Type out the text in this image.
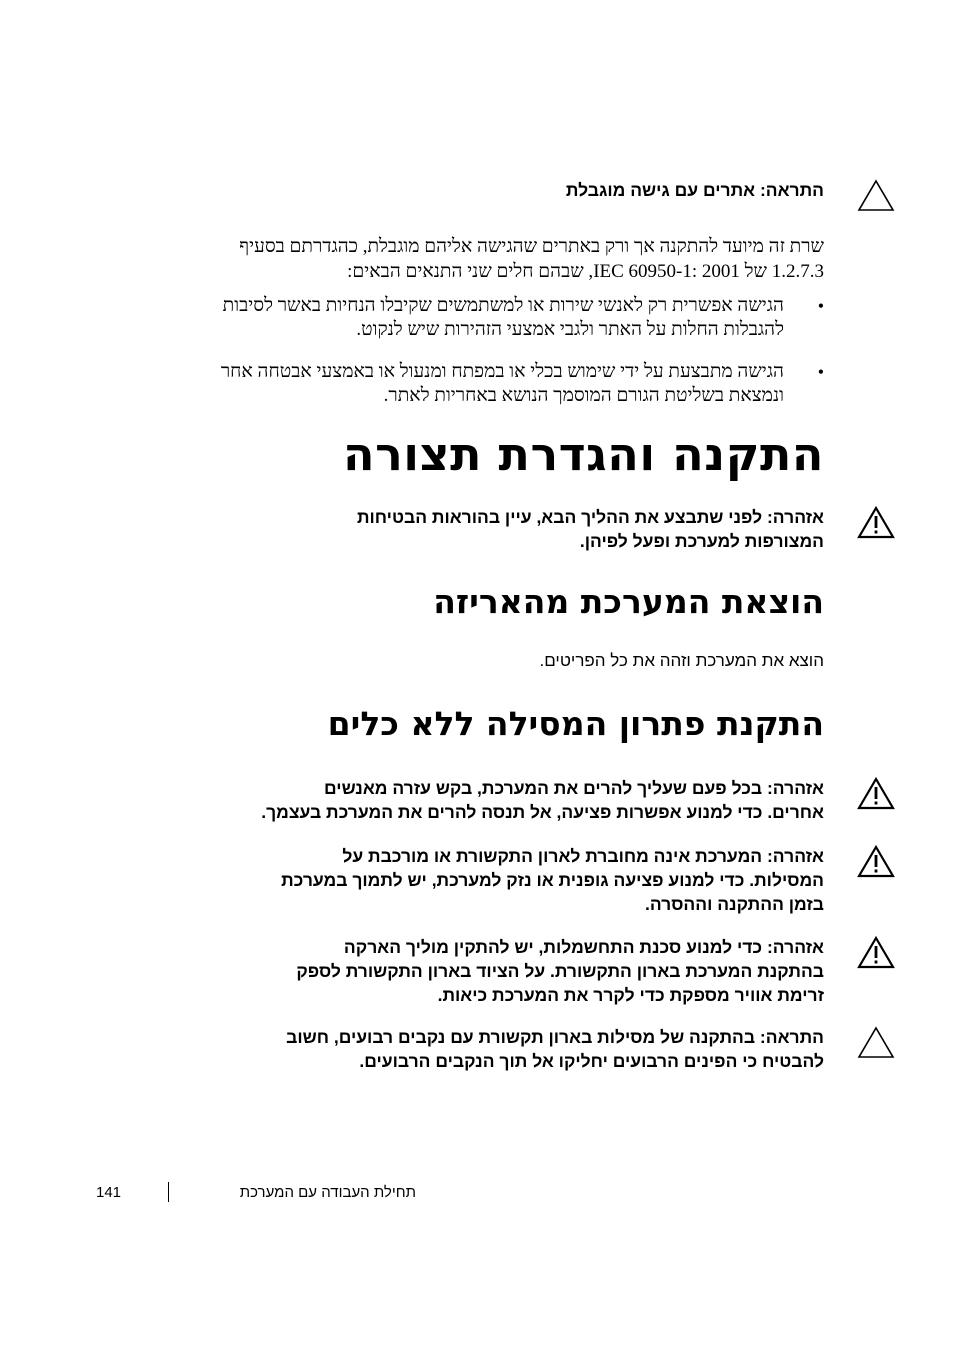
התראה: אתרים עם גישה מוגבלת
שרת זה מיועד להתקנה אך ורק באתרים שהגישה אליהם מוגבלת, כהגדרתם בסעיף
1.2.7.3 של IEC 60950-1: 2001, שבהם חלים שני התנאים הבאים:
•
הגישה אפשרית רק לאנשי שירות או למשתמשים שקיבלו הנחיות באשר לסיבות
להגבלות החלות על האתר ולגבי אמצעי הזהירות שיש לנקוט.
•
הגישה מתבצעת על ידי שימוש בכלי או במפתח ומנעול או באמצעי אבטחה אחר
ונמצאת בשליטת הגורם המוסמך הנושא באחריות לאתר.
התקנה והגדרת תצורה
אזהרה: לפני שתבצע את ההליך הבא, עיין בהוראות הבטיחות
המצורפות למערכת ופעל לפיהן.
הוצאת המערכת מהאריזה
הוצא את המערכת וזהה את כל הפריטים.
התקנת פתרון המסילה ללא כלים
אזהרה: בכל פעם שעליך להרים את המערכת, בקש עזרה מאנשים
אחרים. כדי למנוע אפשרות פציעה, אל תנסה להרים את המערכת בעצמך.
אזהרה: המערכת אינה מחוברת לארון התקשורת או מורכבת על
המסילות. כדי למנוע פציעה גופנית או נזק למערכת, יש לתמוך במערכת
בזמן ההתקנה וההסרה.
אזהרה: כדי למנוע סכנת התחשמלות, יש להתקין מוליך הארקה
בהתקנת המערכת בארון התקשורת. על הציוד בארון התקשורת לספק
זרימת אוויר מספקת כדי לקרר את המערכת כיאות.
התראה: בהתקנה של מסילות בארון תקשורת עם נקבים רבועים, חשוב
להבטיח כי הפינים הרבועים יחליקו אל תוך הנקבים הרבועים.
141	תחילת העבודה עם המערכת
